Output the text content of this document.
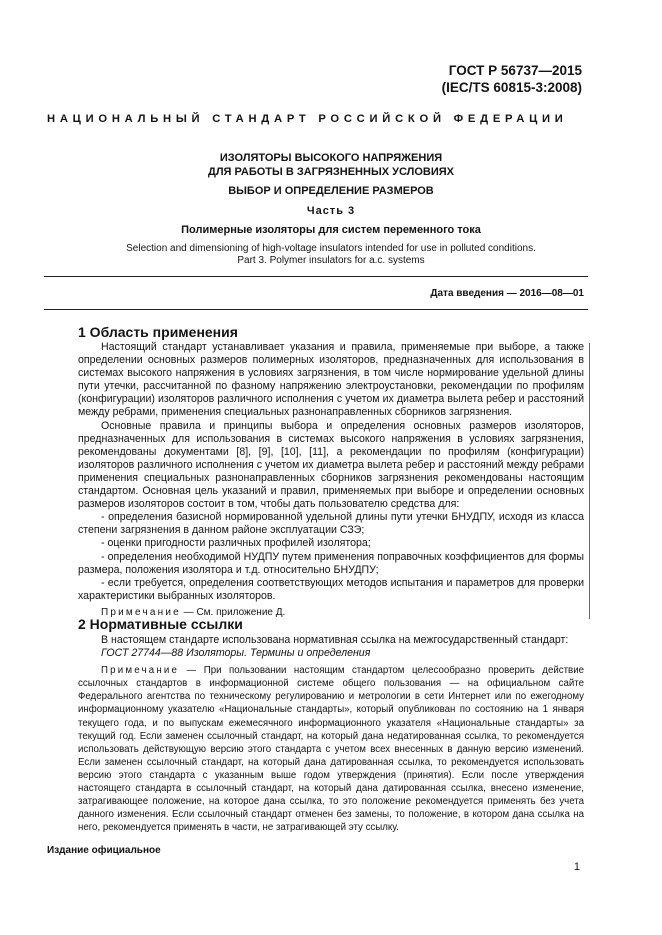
ГОСТ Р 56737—2015
(IEC/TS 60815-3:2008)
НАЦИОНАЛЬНЫЙ СТАНДАРТ РОССИЙСКОЙ ФЕДЕРАЦИИ
ИЗОЛЯТОРЫ ВЫСОКОГО НАПРЯЖЕНИЯ
ДЛЯ РАБОТЫ В ЗАГРЯЗНЕННЫХ УСЛОВИЯХ
ВЫБОР И ОПРЕДЕЛЕНИЕ РАЗМЕРОВ
Часть 3
Полимерные изоляторы для систем переменного тока
Selection and dimensioning of high-voltage insulators intended for use in polluted conditions.
Part 3. Polymer insulators for a.c. systems
Дата введения — 2016—08—01
1 Область применения

Настоящий стандарт устанавливает указания и правила, применяемые при выборе, а также определении основных размеров полимерных изоляторов, предназначенных для использования в системах высокого напряжения в условиях загрязнения, в том числе нормирование удельной длины пути утечки, рассчитанной по фазному напряжению электроустановки, рекомендации по профилям (конфигурации) изоляторов различного исполнения с учетом их диаметра вылета ребер и расстояний между ребрами, применения специальных разнонаправленных сборников загрязнения.

Основные правила и принципы выбора и определения основных размеров изоляторов, предназначенных для использования в системах высокого напряжения в условиях загрязнения, рекомендованы документами [8], [9], [10], [11], а рекомендации по профилям (конфигурации) изоляторов различного исполнения с учетом их диаметра вылета ребер и расстояний между ребрами применения специальных разнонаправленных сборников загрязнения рекомендованы настоящим стандартом. Основная цель указаний и правил, применяемых при выборе и определении основных размеров изоляторов состоит в том, чтобы дать пользователю средства для:

- определения базисной нормированной удельной длины пути утечки БНУДПУ, исходя из класса степени загрязнения в данном районе эксплуатации СЗЭ;

- оценки пригодности различных профилей изолятора;

- определения необходимой НУДПУ путем применения поправочных коэффициентов для формы размера, положения изолятора и т.д. относительно БНУДПУ;

- если требуется, определения соответствующих методов испытания и параметров для проверки характеристики выбранных изоляторов.

Примечание — См. приложение Д.

2 Нормативные ссылки

В настоящем стандарте использована нормативная ссылка на межгосударственный стандарт:

ГОСТ 27744—88 Изоляторы. Термины и определения

Примечание — При пользовании настоящим стандартом целесообразно проверить действие ссылочных стандартов в информационной системе общего пользования — на официальном сайте Федерального агентства по техническому регулированию и метрологии в сети Интернет или по ежегодному информационному указателю «Национальные стандарты», который опубликован по состоянию на 1 января текущего года, и по выпускам ежемесячного информационного указателя «Национальные стандарты» за текущий год. Если заменен ссылочный стандарт, на который дана недатированная ссылка, то рекомендуется использовать действующую версию этого стандарта с учетом всех внесенных в данную версию изменений. Если заменен ссылочный стандарт, на который дана датированная ссылка, то рекомендуется использовать версию этого стандарта с указанным выше годом утверждения (принятия). Если после утверждения настоящего стандарта в ссылочный стандарт, на который дана датированная ссылка, внесено изменение, затрагивающее положение, на которое дана ссылка, то это положение рекомендуется применять без учета данного изменения. Если ссылочный стандарт отменен без замены, то положение, в котором дана ссылка на него, рекомендуется применять в части, не затрагивающей эту ссылку.

Издание официальное
1
